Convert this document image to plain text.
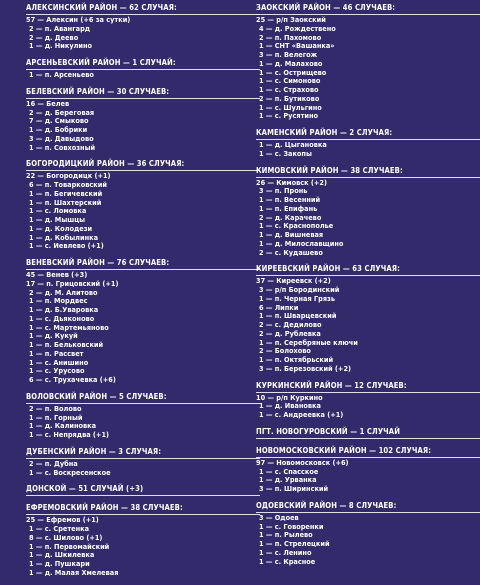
АЛЕКСИНСКИЙ РАЙОН — 62 СЛУЧАЯ:
57 — Алексин (+6 за сутки)
2 — п. Авангард
2 — д. Деево
1 — д. Никулино
АРСЕНЬЕВСКИЙ РАЙОН — 1 СЛУЧАЙ:
1 — п. Арсеньево
БЕЛЕВСКИЙ РАЙОН — 30 СЛУЧАЕВ:
16 — Белев
2 — д. Береговая
7 — д. Смыково
1 — д. Бобрики
3 — д. Давыдово
1 — п. Совхозный
БОГОРОДИЦКИЙ РАЙОН — 36 СЛУЧАЯ:
22 — Богородицк (+1)
6 — п. Товарковский
1 — п. Бегичевский
1 — п. Шахтерский
1 — с. Ломовка
1 — д. Мышцы
1 — д. Колодези
1 — д. Кобылинка
1 — с. Иевлево (+1)
ВЕНЕВСКИЙ РАЙОН — 76 СЛУЧАЕВ:
45 — Венев (+3)
17 — п. Грицовский (+1)
2 — д. М. Алитово
1 — п. Мордвес
1 — д. Б.Уваровка
1 — с. Дьяконово
1 — с. Мартемьяново
1 — д. Кукуй
1 — п. Бельковский
1 — п. Рассвет
1 — с. Анишино
1 — с. Урусово
6 — с. Трухачевка (+6)
ВОЛОВСКИЙ РАЙОН — 5 СЛУЧАЕВ:
2 — п. Волово
1 — п. Горный
1 — д. Калиновка
1 — с. Непрядва (+1)
ДУБЕНСКИЙ РАЙОН — 3 СЛУЧАЯ:
2 — п. Дубна
1 — с. Воскресенское
ДОНСКОЙ — 51 СЛУЧАЙ (+3)
ЕФРЕМОВСКИЙ РАЙОН — 38 СЛУЧАЕВ:
25 — Ефремов (+1)
1 — с. Сретенка
8 — с. Шилово (+1)
1 — п. Первомайский
1 — д. Шкилевка
1 — д. Пушкари
1 — д. Малая Хмелевая
ЗАОКСКИЙ РАЙОН — 46 СЛУЧАЕВ:
25 — р/п Заокский
4 — д. Рождествено
2 — п. Пахомово
1 — СНТ «Вашанка»
3 — п. Велегож
1 — д. Малахово
1 — с. Острищево
1 — с. Симоново
1 — с. Страхово
2 — п. Бутиково
1 — с. Шульгино
1 — с. Русятино
КАМЕНСКИЙ РАЙОН — 2 СЛУЧАЯ:
1 — д. Цыгановка
1 — с. Закопы
КИМОВСКИЙ РАЙОН — 38 СЛУЧАЕВ:
26 — Кимовск (+2)
3 — п. Пронь
1 — п. Весенний
1 — п. Епифань
2 — д. Карачево
1 — с. Краснополье
1 — д. Вишневая
1 — д. Милославщино
2 — с. Кудашево
КИРЕЕВСКИЙ РАЙОН — 63 СЛУЧАЯ:
37 — Киреевск (+2)
3 — р/п Бородинский
1 — п. Черная Грязь
6 — Липки
1 — п. Шварцевский
2 — с. Дедилово
2 — д. Рублевка
1 — п. Серебряные ключи
2 — Болохово
1 — п. Октябрьский
3 — п. Березовский (+2)
КУРКИНСКИЙ РАЙОН — 12 СЛУЧАЕВ:
10 — р/п Куркино
1 — д. Ивановка
1 — с. Андреевка (+1)
ПГТ. НОВОГУРОВСКИЙ — 1 СЛУЧАЙ
НОВОМОСКОВСКИЙ РАЙОН — 102 СЛУЧАЯ:
97 — Новомосковск (+6)
1 — с. Спасское
1 — д. Урванка
3 — п. Ширинский
ОДОЕВСКИЙ РАЙОН — 8 СЛУЧАЕВ:
3 — Одоев
1 — с. Говоренки
1 — п. Рылево
1 — п. Стрелецкий
1 — с. Ленино
1 — с. Красное
